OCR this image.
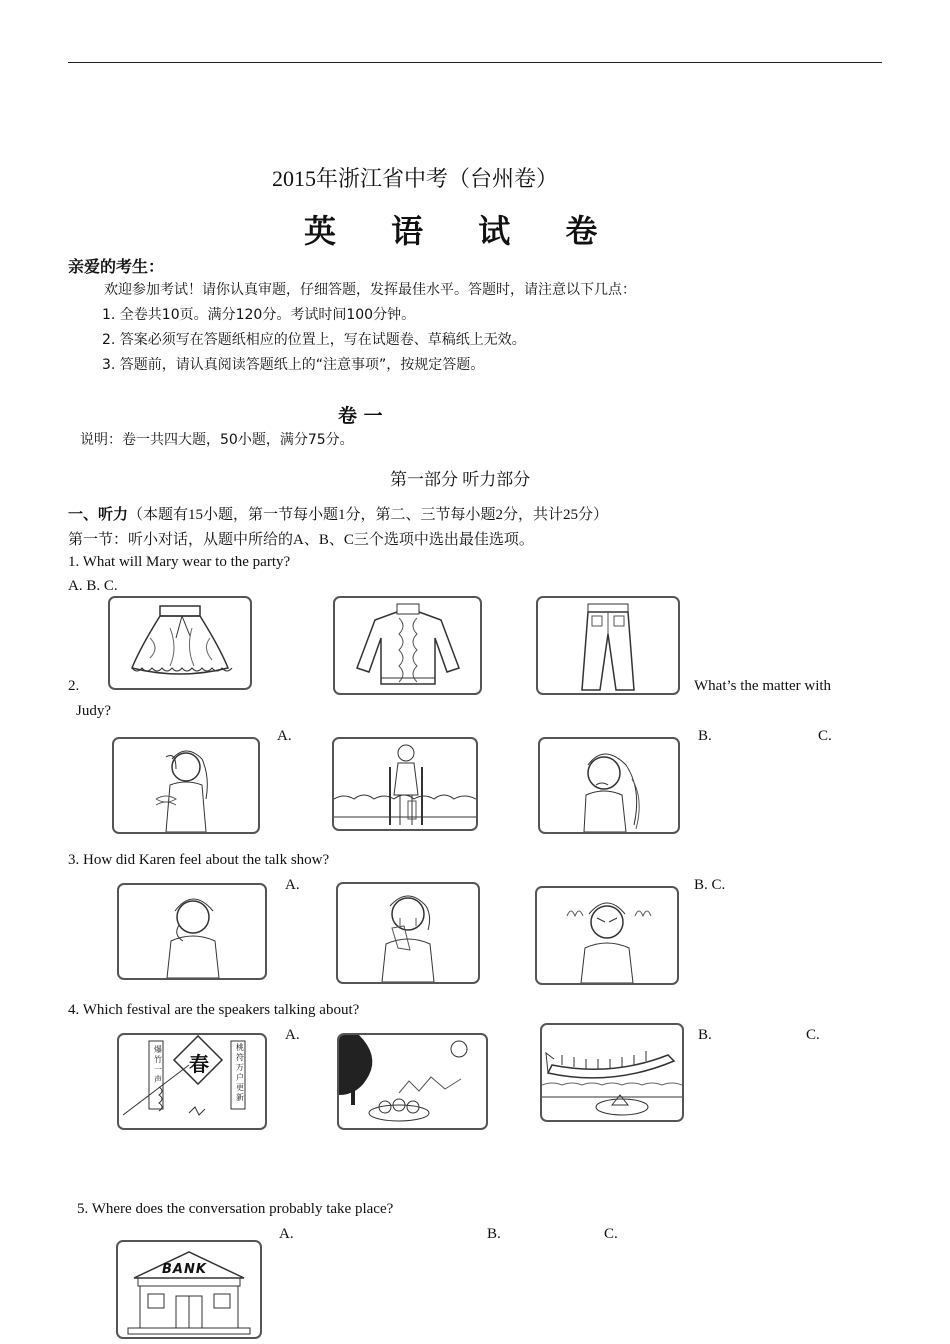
2015年浙江省中考（台州卷）
英 语 试 卷
亲爱的考生：
欢迎参加考试！请你认真审题，仔细答题，发挥最佳水平。答题时，请注意以下几点：
1. 全卷共10页。满分120分。考试时间100分钟。
2. 答案必须写在答题纸相应的位置上，写在试题卷、草稿纸上无效。
3. 答题前，请认真阅读答题纸上的“注意事项”，按规定答题。
卷 一
说明：卷一共四大题，50小题，满分75分。
第一部分 听力部分
一、听力（本题有15小题，第一节每小题1分，第二、三节每小题2分，共计25分）
第一节：听小对话，从题中所给的A、B、C三个选项中选出最佳选项。
1. What will Mary wear to the party?
A. B. C.
2.	What’s the matter with
Judy?
A.	B.	C.
3. How did Karen feel about the talk show?
A.	B. C.
4. Which festival are the speakers talking about?
A.	B.	C.
爆竹一声
春
桃符万户更新
5. Where does the conversation probably take place?
A.	B.	C.
BANK
